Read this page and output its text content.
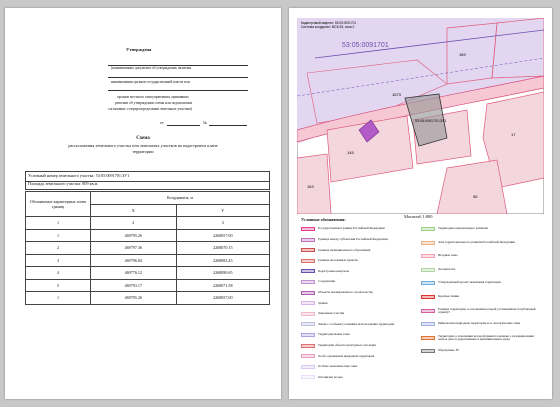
Утверждена
(наименование документа об утверждении, включая
наименования органов государственной власти или
органов местного самоуправления, принявших
решение об утверждении схемы или подписавших
соглашение о перераспределении земельных участков)
от	№
Схема
расположения земельного участка или земельных участков на кадастровом плане
территории
Условный номер земельного участка: 53:05:0091701:ЗУ1
Площадь земельного участка: 809 кв.м.
Обозначение характерных точек границ	Координаты, м	
	X	Y
1	2	3
1	469795.26	2268057.00
2	469797.36	2268070.15
3	469796.84	2268083.45
4	469776.12	2268090.65
5	469793.17	2268071.58
1	469795.26	2268057.00
Кадастровый квартал: 53:05:0091701
Система координат: МСК-53, зона 2
53:05:0091701
169
1673
17
145
55
163
53:05:0091701:ЗУ1
Условные обозначения:
Масштаб 1:800
Государственная граница Российской Федерации
Граница между субъектами Российской Федерации
Граница муниципального образования
Граница населенных пунктов
Кадастровые кварталы
Сооружения
Объекты незавершенного строительства
Здания
Земельные участки
Земли с особыми условиями использования территории
Территориальные зоны
Территории объекта культурного наследия
Особо охраняемая природная территория
Особые экономические зоны
Охотничьи угодья
Территория опережающего развития
Зона территориального развития Российской Федерации
Игорные зоны
Лесничества
Утвержденный проект межевания территории
Красные линии
Граница территории, в отношении которой устанавливается публичный сервитут
Байкальская природная территория и ее экологические зоны
Территория, в отношении которой принято решение о резервировании земель для государственных и муниципальных нужд
Образуемые ЗУ
